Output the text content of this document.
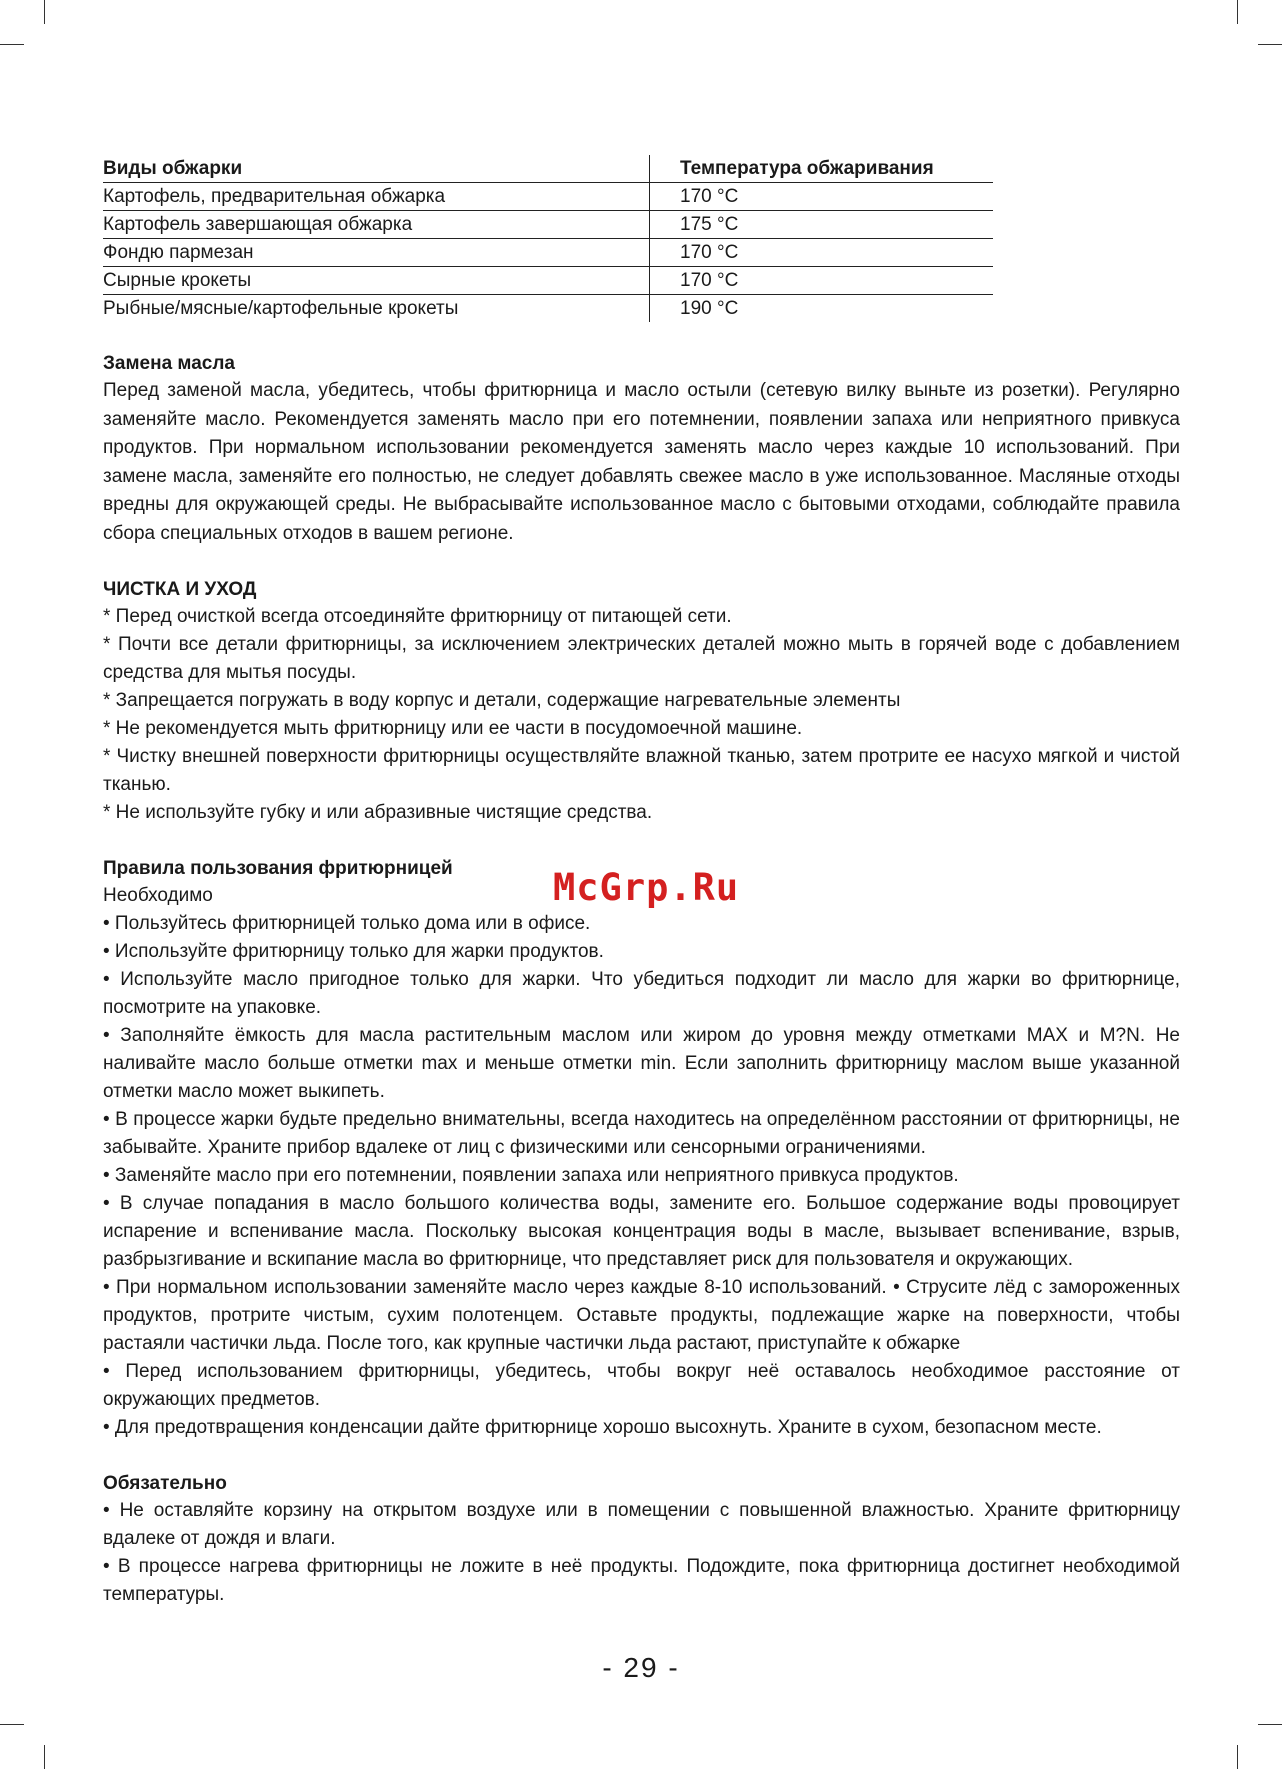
Виды обжарки	Температура обжаривания
Картофель, предварительная обжарка	170 °C
Картофель завершающая обжарка	175 °C
Фондю пармезан	170 °C
Сырные крокеты	170 °C
Рыбные/мясные/картофельные крокеты	190 °C
Замена масла
Перед заменой масла, убедитесь, чтобы фритюрница и масло остыли (сетевую вилку выньте из розетки). Регулярно заменяйте масло. Рекомендуется заменять масло при его потемнении, появлении запаха или неприятного привкуса продуктов. При нормальном использовании рекомендуется заменять масло через каждые 10 использований. При замене масла, заменяйте его полностью, не следует добавлять свежее масло в уже использованное. Масляные отходы вредны для окружающей среды. Не выбрасывайте использованное масло с бытовыми отходами, соблюдайте правила сбора специальных отходов в вашем регионе.
ЧИСТКА И УХОД
* Перед очисткой всегда отсоединяйте фритюрницу от питающей сети.
* Почти все детали фритюрницы, за исключением электрических деталей можно мыть в горячей воде с добавлением средства для мытья посуды.
* Запрещается погружать в воду корпус и детали, содержащие нагревательные элементы
* Не рекомендуется мыть фритюрницу или ее части в посудомоечной машине.
* Чистку внешней поверхности фритюрницы осуществляйте влажной тканью, затем протрите ее насухо мягкой и чистой тканью.
* Не используйте губку и или абразивные чистящие средства.
Правила пользования фритюрницей
Необходимо
• Пользуйтесь фритюрницей только дома или в офисе.
• Используйте фритюрницу только для жарки продуктов.
• Используйте масло пригодное только для жарки. Что убедиться подходит ли масло для жарки во фритюрнице, посмотрите на упаковке.
• Заполняйте ёмкость для масла растительным маслом или жиром до уровня между отметками MAX и M?N. Не наливайте масло больше отметки max и меньше отметки min. Если заполнить фритюрницу маслом выше указанной отметки масло может выкипеть.
• В процессе жарки будьте предельно внимательны, всегда находитесь на определённом расстоянии от фритюрницы, не забывайте. Храните прибор вдалеке от лиц с физическими или сенсорными ограничениями.
• Заменяйте масло при его потемнении, появлении запаха или неприятного привкуса продуктов.
• В случае попадания в масло большого количества воды, замените его. Большое содержание воды провоцирует испарение и вспенивание масла. Поскольку высокая концентрация воды в масле, вызывает вспенивание, взрыв, разбрызгивание и вскипание масла во фритюрнице, что представляет риск для пользователя и окружающих.
• При нормальном использовании заменяйте масло через каждые 8-10 использований. • Струсите лёд с замороженных продуктов, протрите чистым, сухим полотенцем. Оставьте продукты, подлежащие жарке на поверхности, чтобы растаяли частички льда. После того, как крупные частички льда растают, приступайте к обжарке
• Перед использованием фритюрницы, убедитесь, чтобы вокруг неё оставалось необходимое расстояние от окружающих предметов.
• Для предотвращения конденсации дайте фритюрнице хорошо высохнуть. Храните в сухом, безопасном месте.
Обязательно
• Не оставляйте корзину на открытом воздухе или в помещении с повышенной влажностью. Храните фритюрницу вдалеке от дождя и влаги.
• В процессе нагрева фритюрницы не ложите в неё продукты. Подождите, пока фритюрница достигнет необходимой температуры.
McGrp.Ru
- 29 -
